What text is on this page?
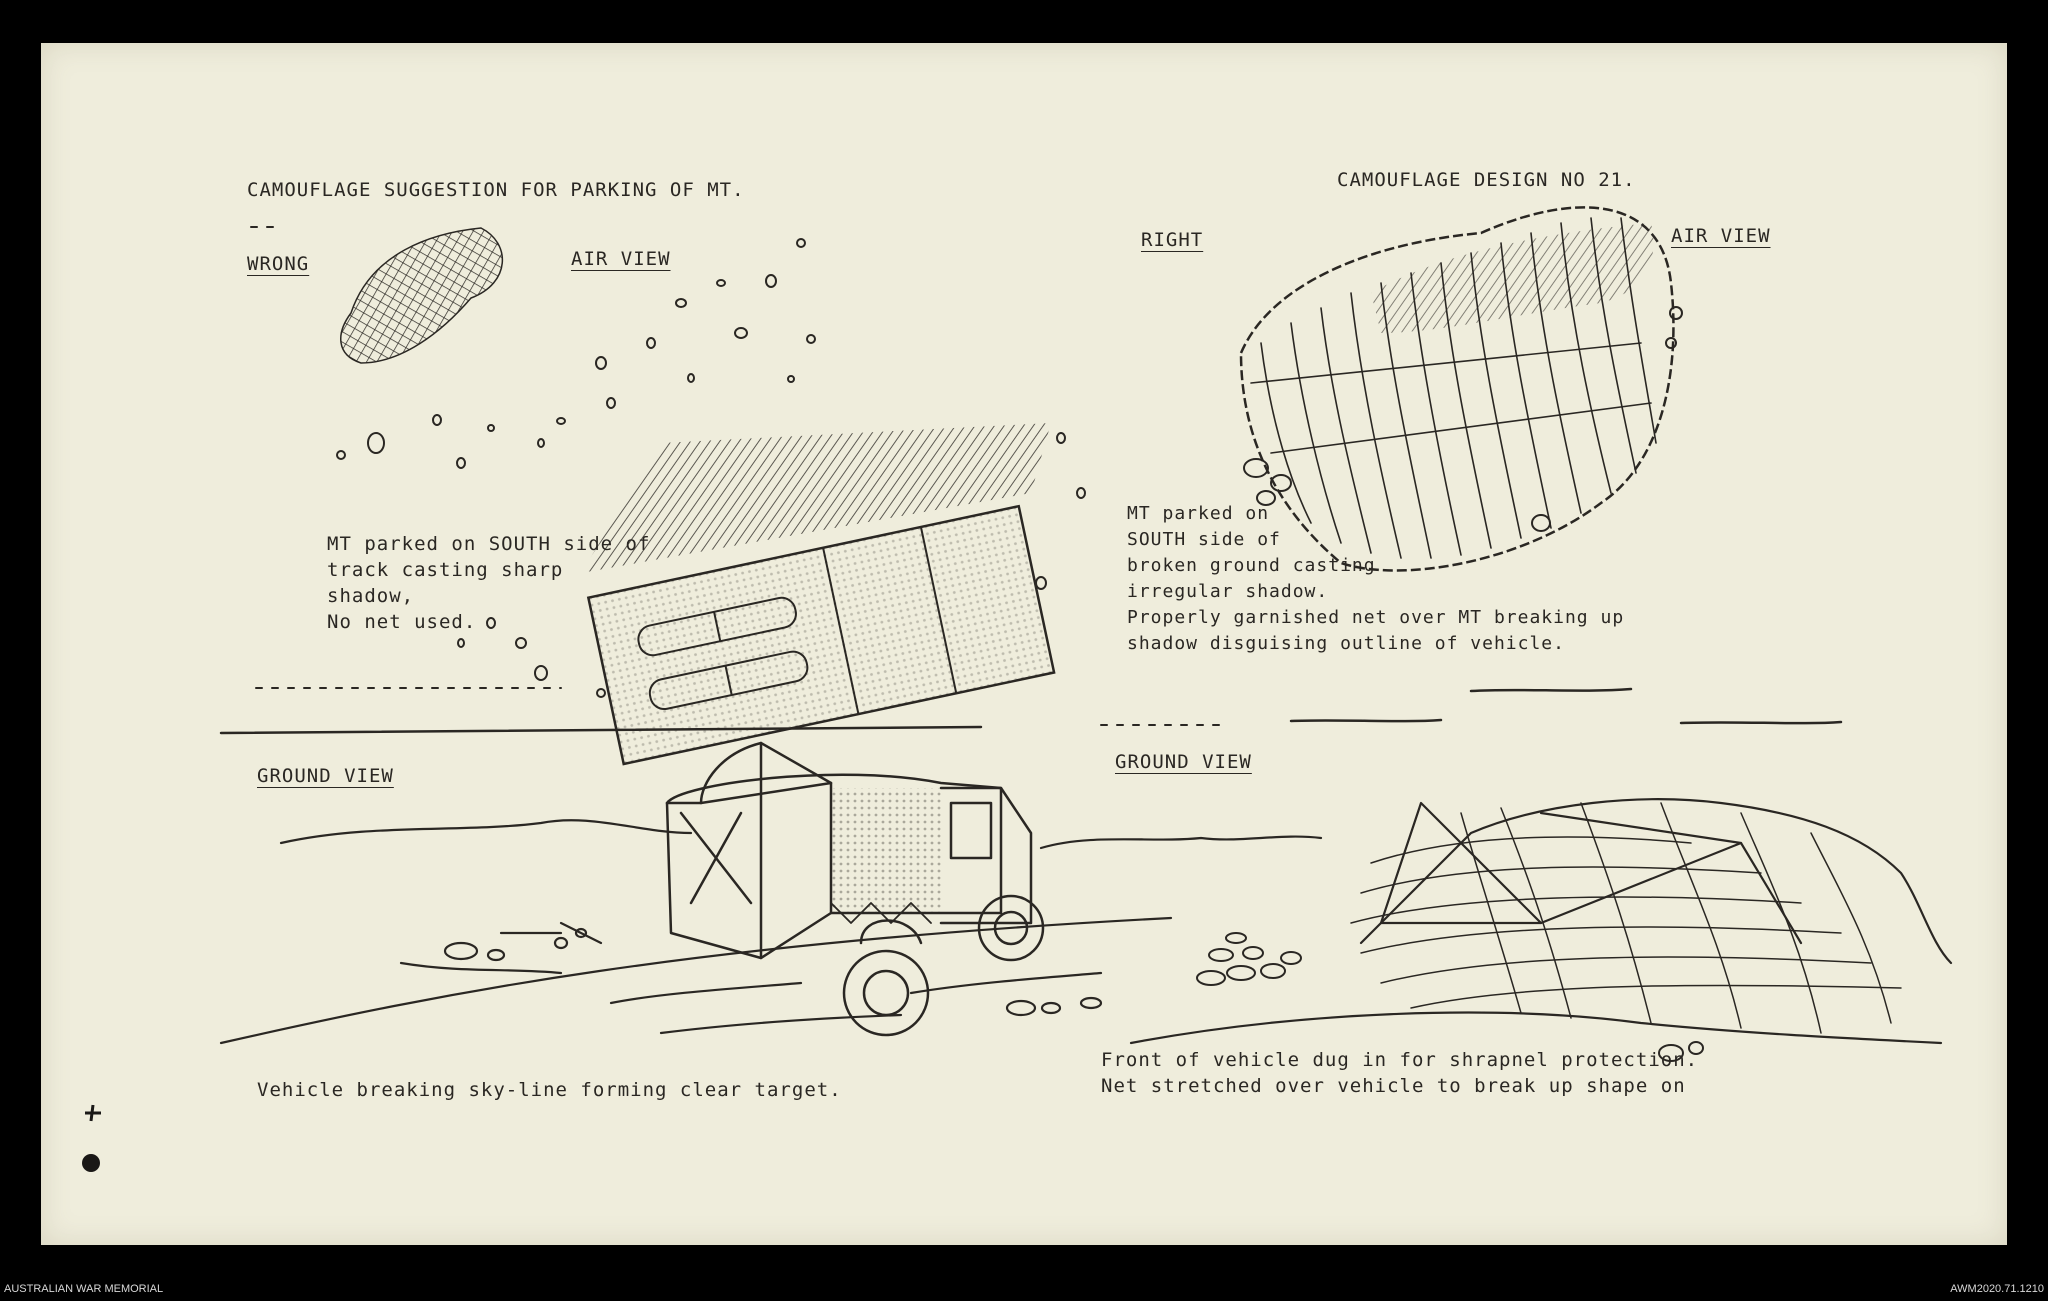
CAMOUFLAGE SUGGESTION FOR PARKING OF MT.	CAMOUFLAGE DESIGN NO 21.
WRONG	AIR VIEW
RIGHT	AIR VIEW
GROUND VIEW
GROUND VIEW
MT parked on SOUTH side of
track casting sharp
shadow,
No net used.
MT parked on
SOUTH side of
broken ground casting
irregular shadow.
Properly garnished net over MT breaking up
shadow disguising outline of vehicle.
Vehicle breaking sky-line forming clear target.
Front of vehicle dug in for shrapnel protection.
Net stretched over vehicle to break up shape on
AUSTRALIAN WAR MEMORIAL	AWM2020.71.1210
